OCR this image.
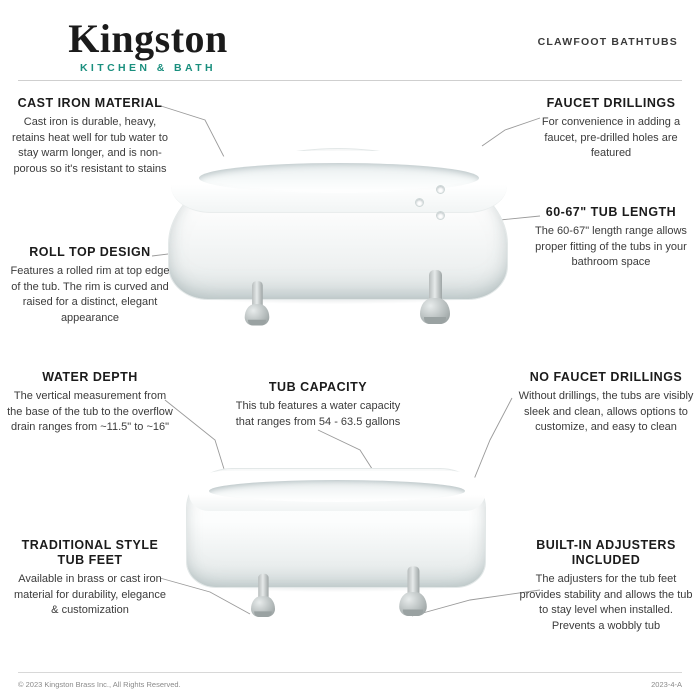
Kingston
KITCHEN & BATH
CLAWFOOT BATHTUBS
CAST IRON MATERIAL
Cast iron is durable, heavy, retains heat well for tub water to stay warm longer, and is non-porous so it's resistant to stains
ROLL TOP DESIGN
Features a rolled rim at top edge of the tub. The rim is curved and raised for a distinct, elegant appearance
WATER DEPTH
The vertical measurement from the base of the tub to the overflow drain ranges from ~11.5" to ~16"
TRADITIONAL STYLE TUB FEET
Available in brass or cast iron material for durability, elegance & customization
FAUCET DRILLINGS
For convenience in adding a faucet, pre-drilled holes are featured
60-67" TUB LENGTH
The 60-67" length range allows proper fitting of the tubs in your bathroom space
NO FAUCET DRILLINGS
Without drillings, the tubs are visibly sleek and clean, allows options to customize, and easy to clean
BUILT-IN ADJUSTERS INCLUDED
The adjusters for the tub feet provides stability and allows the tub to stay level when installed. Prevents a wobbly tub
TUB CAPACITY
This tub features a water capacity that ranges from 54 - 63.5 gallons
© 2023 Kingston Brass Inc., All Rights Reserved.	2023-4-A
